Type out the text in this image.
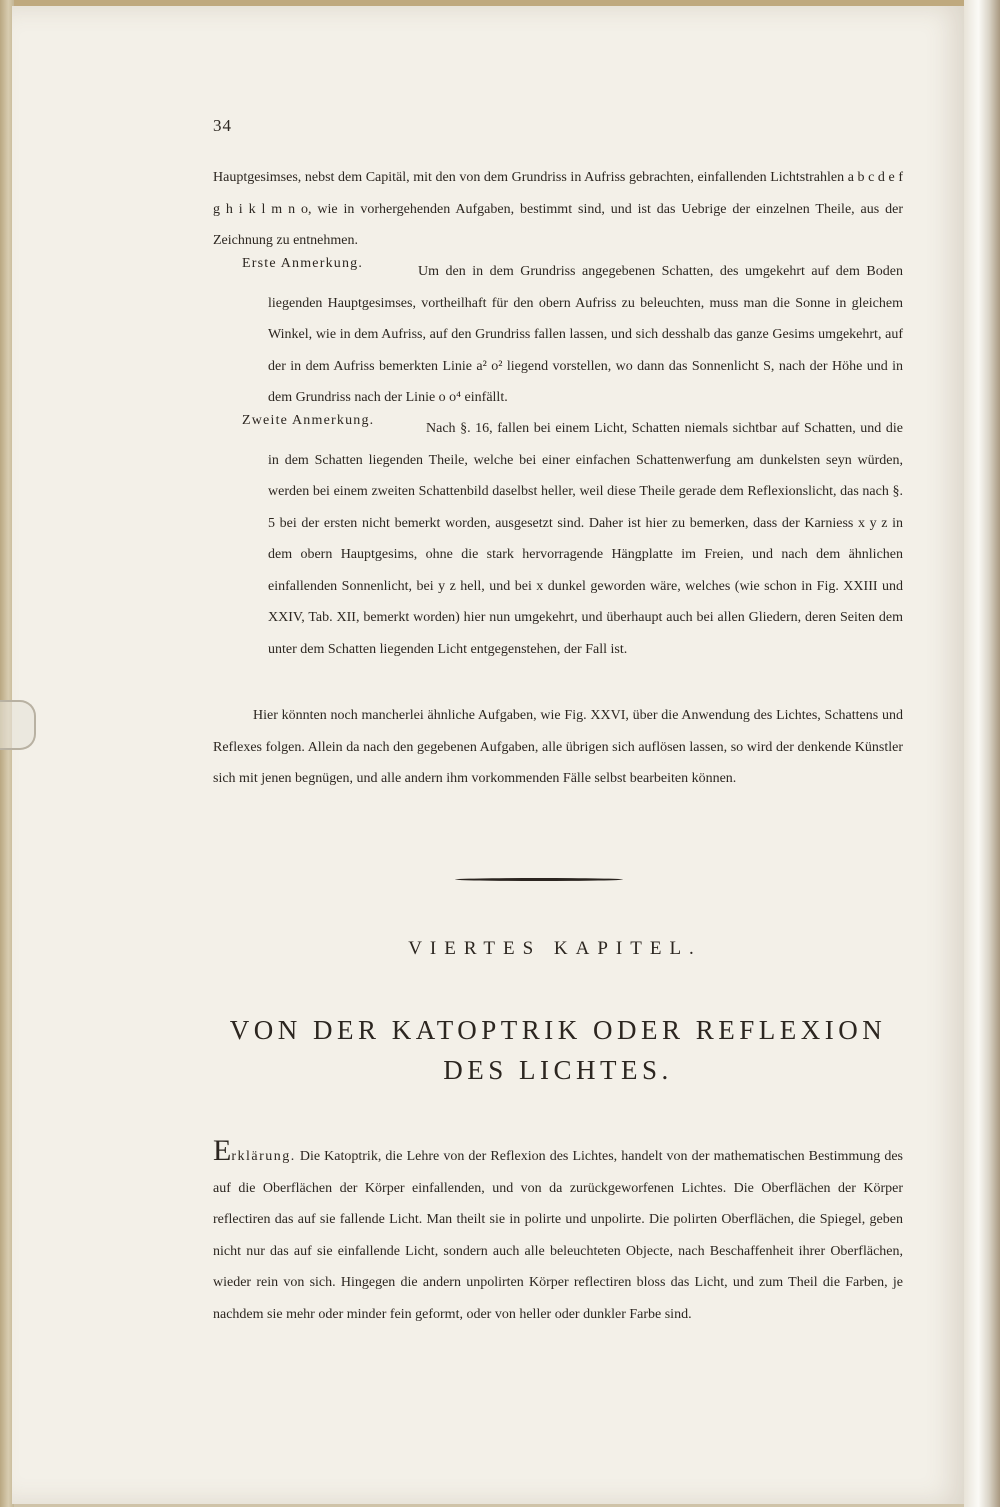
34

Hauptgesimses, nebst dem Capitäl, mit den von dem Grundriss in Aufriss gebrachten, einfallenden Lichtstrahlen a b c d e f g h i k l m n o, wie in vorhergehenden Aufgaben, bestimmt sind, und ist das Uebrige der einzelnen Theile, aus der Zeichnung zu entnehmen.

Erste Anmerkung.

Um den in dem Grundriss angegebenen Schatten, des umgekehrt auf dem Boden liegenden Hauptgesimses, vortheilhaft für den obern Aufriss zu beleuchten, muss man die Sonne in gleichem Winkel, wie in dem Aufriss, auf den Grundriss fallen lassen, und sich desshalb das ganze Gesims umgekehrt, auf der in dem Aufriss bemerkten Linie a² o² liegend vorstellen, wo dann das Sonnenlicht S, nach der Höhe und in dem Grundriss nach der Linie o o⁴ einfällt.

Zweite Anmerkung.

Nach §. 16, fallen bei einem Licht, Schatten niemals sichtbar auf Schatten, und die in dem Schatten liegenden Theile, welche bei einer einfachen Schattenwerfung am dunkelsten seyn würden, werden bei einem zweiten Schattenbild daselbst heller, weil diese Theile gerade dem Reflexionslicht, das nach §. 5 bei der ersten nicht bemerkt worden, ausgesetzt sind. Daher ist hier zu bemerken, dass der Karniess x y z in dem obern Hauptgesims, ohne die stark hervorragende Hängplatte im Freien, und nach dem ähnlichen einfallenden Sonnenlicht, bei y z hell, und bei x dunkel geworden wäre, welches (wie schon in Fig. XXIII und XXIV, Tab. XII, bemerkt worden) hier nun umgekehrt, und überhaupt auch bei allen Gliedern, deren Seiten dem unter dem Schatten liegenden Licht entgegenstehen, der Fall ist.

Hier könnten noch mancherlei ähnliche Aufgaben, wie Fig. XXVI, über die Anwendung des Lichtes, Schattens und Reflexes folgen. Allein da nach den gegebenen Aufgaben, alle übrigen sich auflösen lassen, so wird der denkende Künstler sich mit jenen begnügen, und alle andern ihm vorkommenden Fälle selbst bearbeiten können.

VIERTES KAPITEL.
VON DER KATOPTRIK ODER REFLEXION
DES LICHTES.

Erklärung. Die Katoptrik, die Lehre von der Reflexion des Lichtes, handelt von der mathematischen Bestimmung des auf die Oberflächen der Körper einfallenden, und von da zurückgeworfenen Lichtes. Die Oberflächen der Körper reflectiren das auf sie fallende Licht. Man theilt sie in polirte und unpolirte. Die polirten Oberflächen, die Spiegel, geben nicht nur das auf sie einfallende Licht, sondern auch alle beleuchteten Objecte, nach Beschaffenheit ihrer Oberflächen, wieder rein von sich. Hingegen die andern unpolirten Körper reflectiren bloss das Licht, und zum Theil die Farben, je nachdem sie mehr oder minder fein geformt, oder von heller oder dunkler Farbe sind.
